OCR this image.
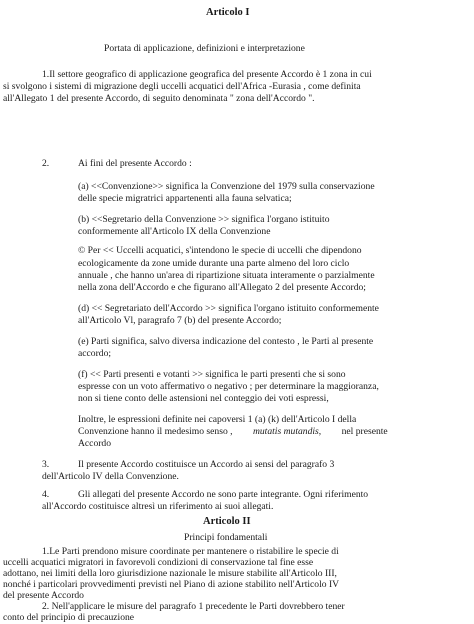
Articolo I
Portata di applicazione, definizioni e interpretazione
1.Il settore geografico di applicazione geografica del presente Accordo è 1 zona in cui
si svolgono i sistemi di migrazione degli uccelli acquatici dell'Africa -Eurasia , come definita
all'Allegato 1 del presente Accordo, di seguito denominata " zona dell'Accordo ".
2.	Ai fini del presente Accordo :
(a) <<Convenzione>> significa la Convenzione del 1979 sulla conservazione
delle specie migratrici appartenenti alla fauna selvatica;
(b) <<Segretario della Convenzione >> significa l'organo istituito
conformemente all'Articolo IX della Convenzione
© Per << Uccelli acquatici, s'intendono le specie di uccelli che dipendono
ecologicamente da zone umide durante una parte almeno del loro ciclo
annuale , che hanno un'area di ripartizione situata interamente o parzialmente
nella zona dell'Accordo e che figurano all'Allegato 2 del presente Accordo;
(d) << Segretariato dell'Accordo >> significa l'organo istituito conformemente
all'Articolo Vl, paragrafo 7 (b) del presente Accordo;
(e) Parti significa, salvo diversa indicazione del contesto , le Parti al presente
accordo;
(f) << Parti presenti e votanti >> significa le parti presenti che si sono
espresse con un voto affermativo o negativo ; per determinare la maggioranza,
non si tiene conto delle astensioni nel conteggio dei voti espressi,
Inoltre, le espressioni definite nei capoversi 1 (a) (k) dell'Articolo I della
Convenzione hanno il medesimo senso , mutatis mutandis, nel presente
Accordo
3.	Il presente Accordo costituisce un Accordo ai sensi del paragrafo 3
dell'Articolo IV della Convenzione.
4.	Gli allegati del presente Accordo ne sono parte integrante. Ogni riferimento
all'Accordo costituisce altresì un riferimento ai suoi allegati.
Articolo II
Principi fondamentali
1.Le Parti prendono misure coordinate per mantenere o ristabilire le specie di
uccelli acquatici migratori in favorevoli condizioni di conservazione tal fine esse
adottano, nei limiti della loro giurisdizione nazionale le misure stabilite all'Articolo III,
nonché i particolari provvedimenti previsti nel Piano di azione stabilito nell'Articolo IV
del presente Accordo
2. Nell'applicare le misure del paragrafo 1 precedente le Parti dovrebbero tener
conto del principio di precauzione
